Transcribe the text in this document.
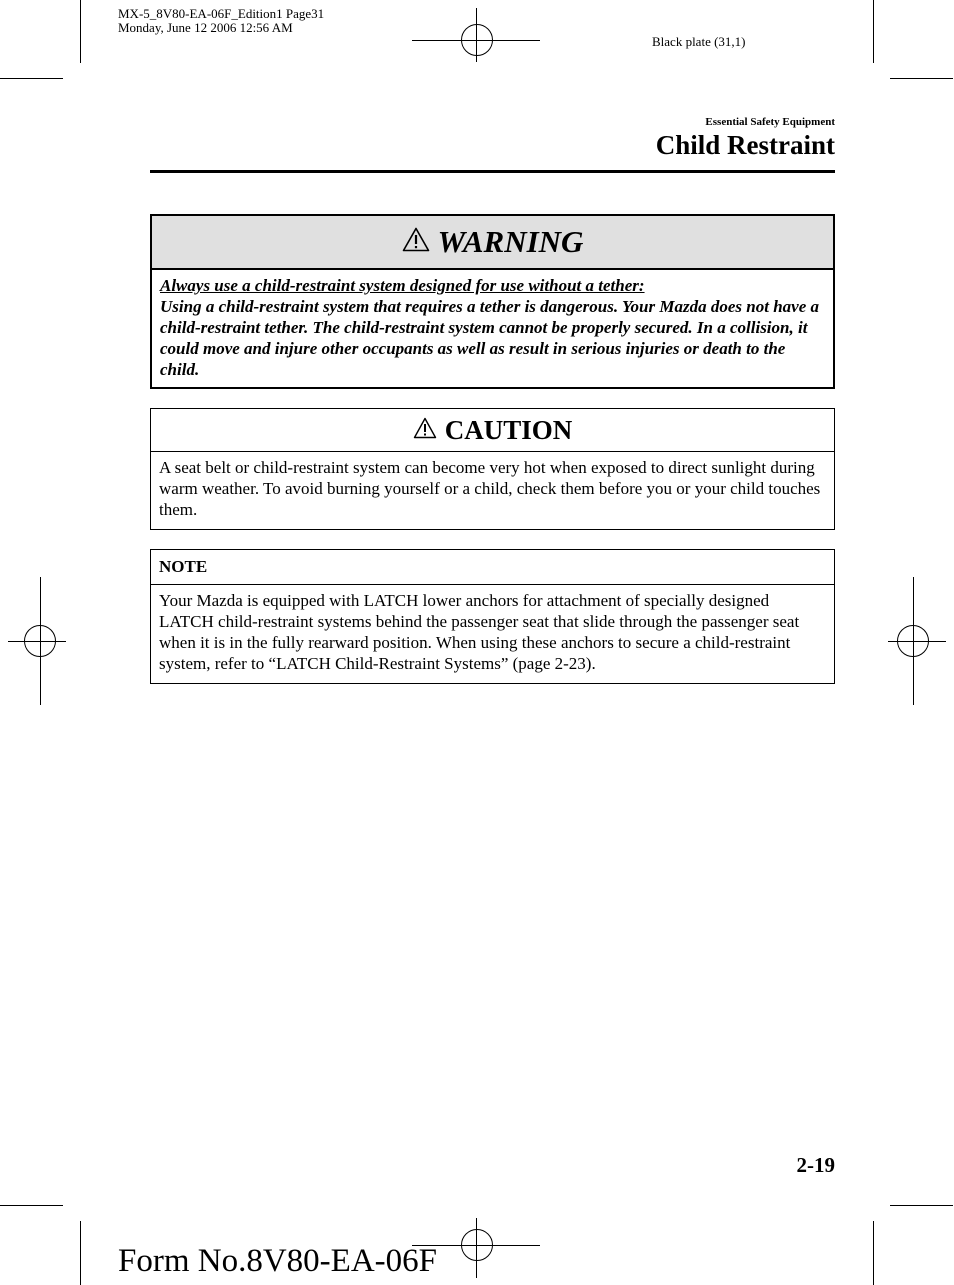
MX-5_8V80-EA-06F_Edition1 Page31
Monday, June 12 2006 12:56 AM
Black plate (31,1)
Essential Safety Equipment
Child Restraint
WARNING
Always use a child-restraint system designed for use without a tether:
Using a child-restraint system that requires a tether is dangerous. Your Mazda does not have a child-restraint tether. The child-restraint system cannot be properly secured. In a collision, it could move and injure other occupants as well as result in serious injuries or death to the child.
CAUTION
A seat belt or child-restraint system can become very hot when exposed to direct sunlight during warm weather. To avoid burning yourself or a child, check them before you or your child touches them.
NOTE
Your Mazda is equipped with LATCH lower anchors for attachment of specially designed LATCH child-restraint systems behind the passenger seat that slide through the passenger seat when it is in the fully rearward position. When using these anchors to secure a child-restraint system, refer to “LATCH Child-Restraint Systems” (page 2-23).
2-19
Form No.8V80-EA-06F
